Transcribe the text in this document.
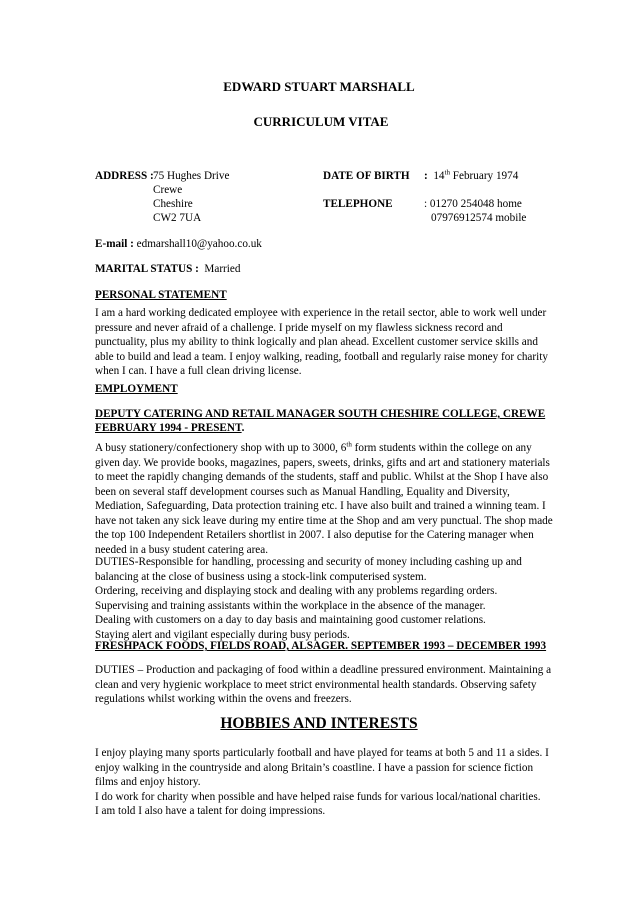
EDWARD STUART MARSHALL
CURRICULUM VITAE
ADDRESS : 75 Hughes Drive
Crewe
Cheshire
CW2 7UA
DATE OF BIRTH : 14th February 1974
TELEPHONE	: 01270 254048 home
07976912574 mobile
E-mail : edmarshall10@yahoo.co.uk
MARITAL STATUS : Married
PERSONAL STATEMENT
I am a hard working dedicated employee with experience in the retail sector, able to work well under
pressure and never afraid of a challenge. I pride myself on my flawless sickness record and
punctuality, plus my ability to think logically and plan ahead. Excellent customer service skills and
able to build and lead a team. I enjoy walking, reading, football and regularly raise money for charity
when I can. I have a full clean driving license.
EMPLOYMENT
DEPUTY CATERING AND RETAIL MANAGER SOUTH CHESHIRE COLLEGE, CREWE
FEBRUARY 1994 - PRESENT.
A busy stationery/confectionery shop with up to 3000, 6th form students within the college on any
given day. We provide books, magazines, papers, sweets, drinks, gifts and art and stationery materials
to meet the rapidly changing demands of the students, staff and public. Whilst at the Shop I have also
been on several staff development courses such as Manual Handling, Equality and Diversity,
Mediation, Safeguarding, Data protection training etc. I have also built and trained a winning team. I
have not taken any sick leave during my entire time at the Shop and am very punctual. The shop made
the top 100 Independent Retailers shortlist in 2007. I also deputise for the Catering manager when
needed in a busy student catering area.
DUTIES-Responsible for handling, processing and security of money including cashing up and
balancing at the close of business using a stock-link computerised system.
Ordering, receiving and displaying stock and dealing with any problems regarding orders.
Supervising and training assistants within the workplace in the absence of the manager.
Dealing with customers on a day to day basis and maintaining good customer relations.
Staying alert and vigilant especially during busy periods.
FRESHPACK FOODS, FIELDS ROAD, ALSAGER. SEPTEMBER 1993 – DECEMBER 1993
DUTIES – Production and packaging of food within a deadline pressured environment. Maintaining a
clean and very hygienic workplace to meet strict environmental health standards. Observing safety
regulations whilst working within the ovens and freezers.
HOBBIES AND INTERESTS
I enjoy playing many sports particularly football and have played for teams at both 5 and 11 a sides. I
enjoy walking in the countryside and along Britain’s coastline. I have a passion for science fiction
films and enjoy history.
I do work for charity when possible and have helped raise funds for various local/national charities.
I am told I also have a talent for doing impressions.
